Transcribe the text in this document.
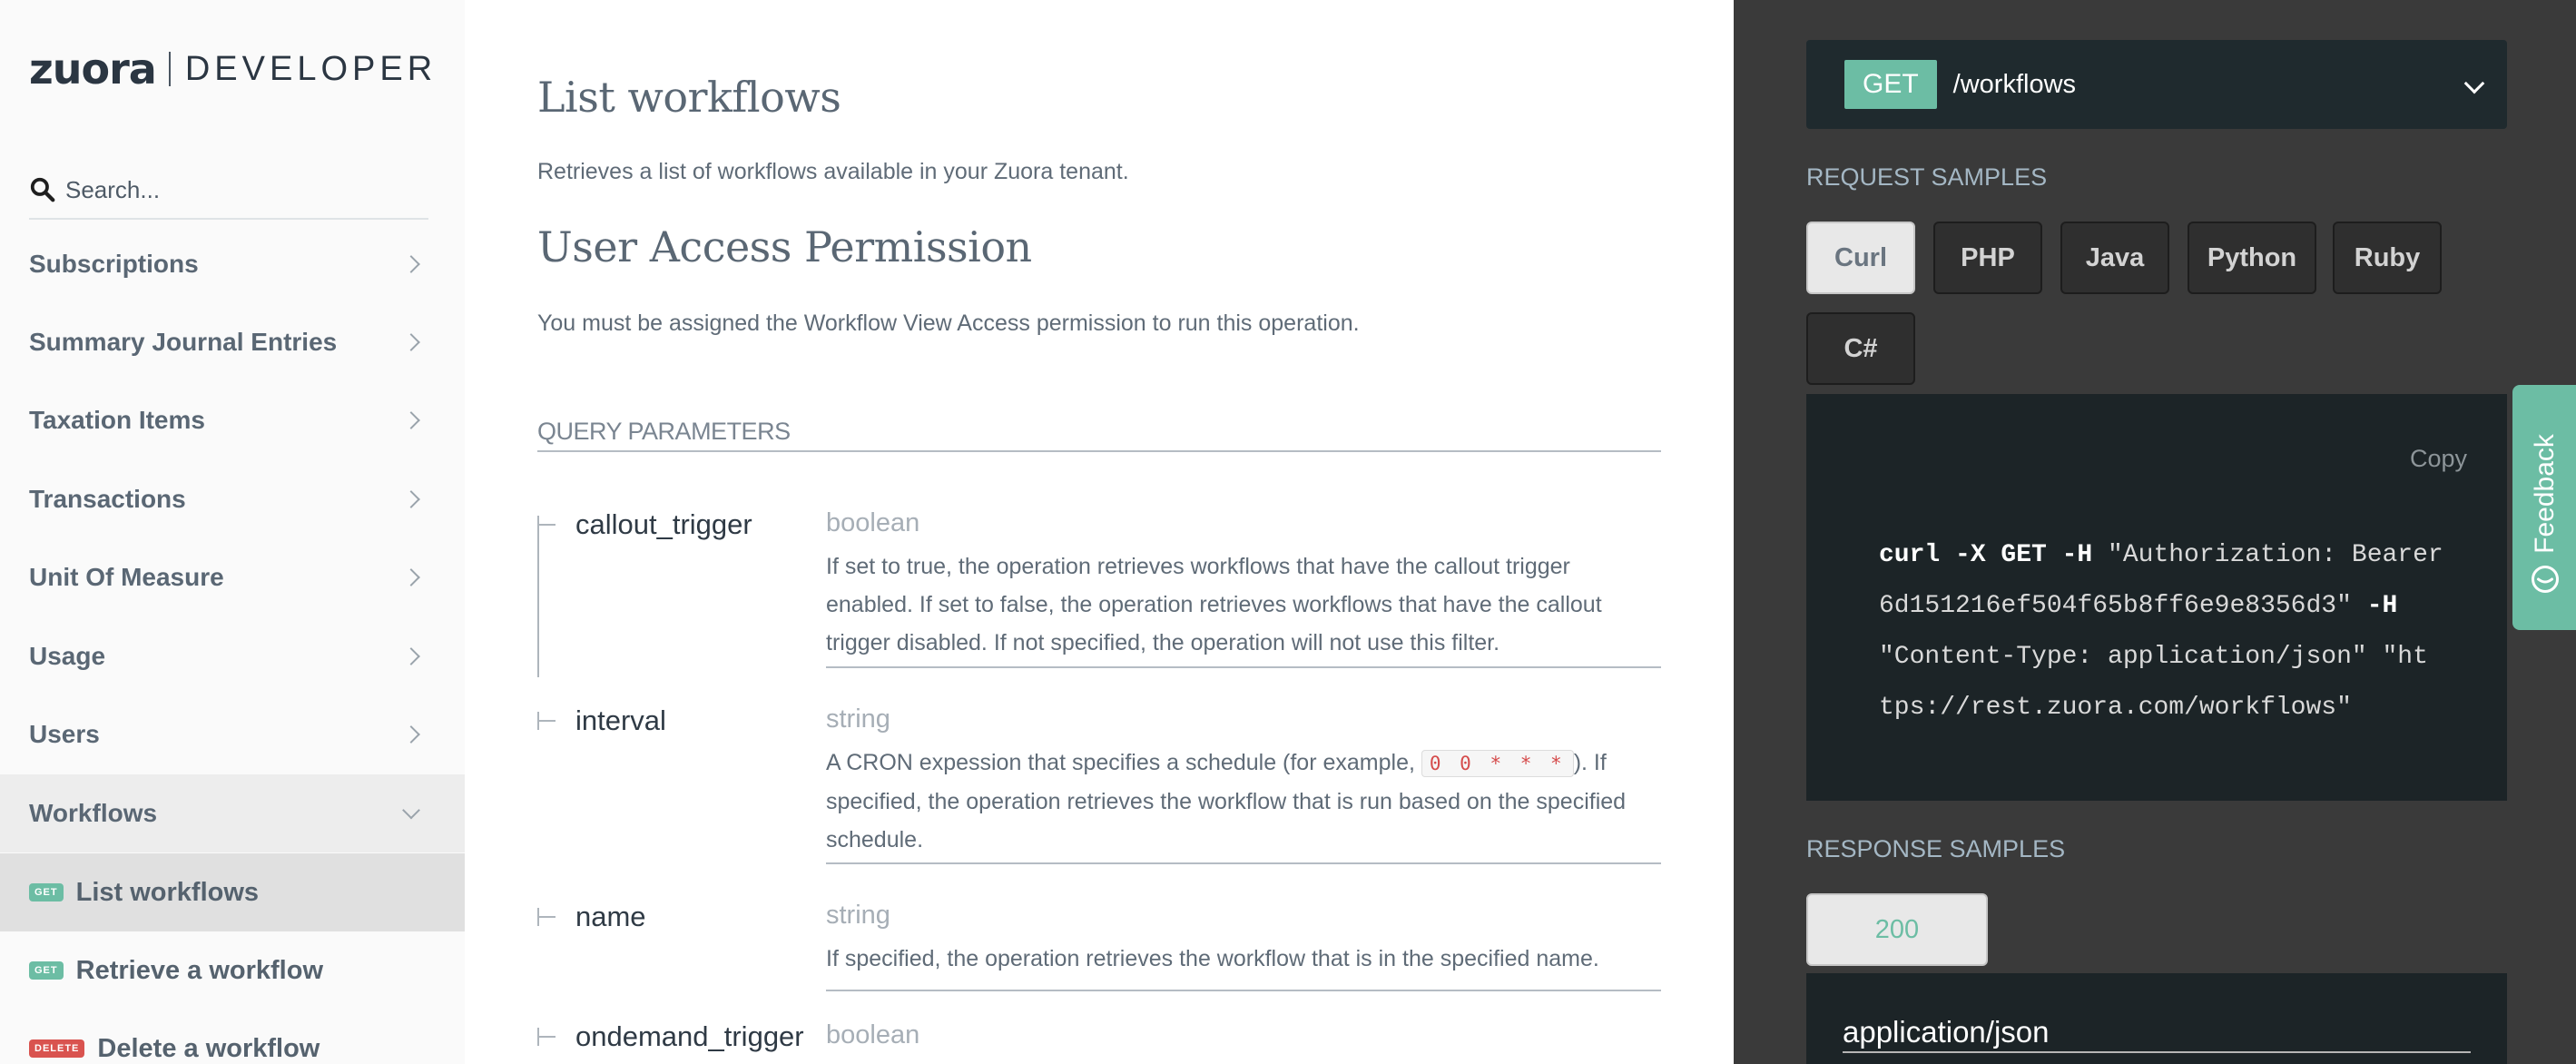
zuora DEVELOPER
Search...
Subscriptions
Summary Journal Entries
Taxation Items
Transactions
Unit Of Measure
Usage
Users
Workflows
GET List workflows
GET Retrieve a workflow
DELETE Delete a workflow
List workflows

Retrieves a list of workflows available in your Zuora tenant.

User Access Permission

You must be assigned the Workflow View Access permission to run this operation.

QUERY PARAMETERS
callout_trigger	boolean
If set to true, the operation retrieves workflows that have the callout trigger enabled. If set to false, the operation retrieves workflows that have the callout trigger disabled. If not specified, the operation will not use this filter.
interval	string
A CRON expession that specifies a schedule (for example, 0 0 * * * ). If specified, the operation retrieves the workflow that is run based on the specified schedule.
name	string
If specified, the operation retrieves the workflow that is in the specified name.
ondemand_trigger boolean
GET	/workflows
REQUEST SAMPLES
Curl	PHP	Java	Python	Ruby
C#
Copy
curl -X GET -H "Authorization: Bearer
6d151216ef504f65b8ff6e9e8356d3" -H
"Content-Type: application/json" "ht
tps://rest.zuora.com/workflows"
RESPONSE SAMPLES
200
application/json
Feedback
